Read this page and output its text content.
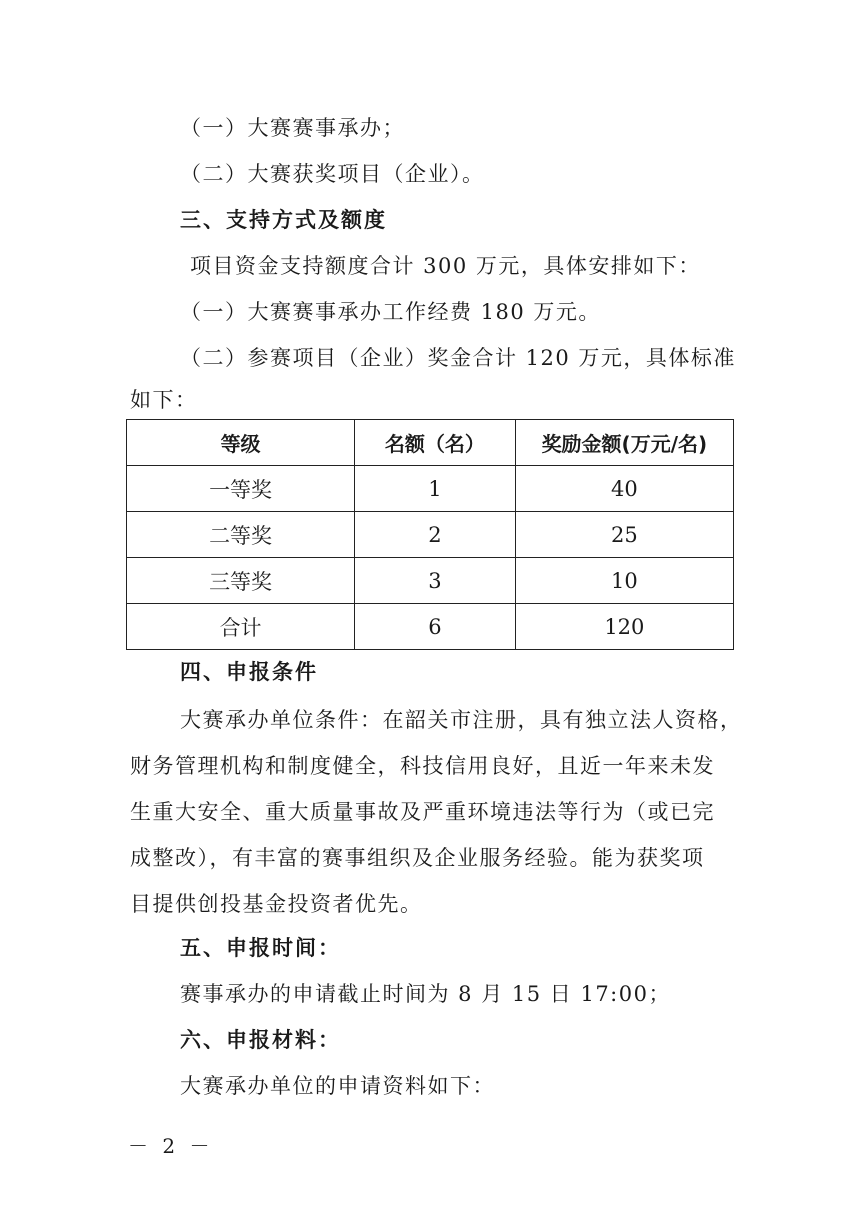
（一）大赛赛事承办；
（二）大赛获奖项目（企业）。
三、支持方式及额度
项目资金支持额度合计 300 万元，具体安排如下：
（一）大赛赛事承办工作经费 180 万元。
（二）参赛项目（企业）奖金合计 120 万元，具体标准
如下：
等级	名额（名）	奖励金额(万元/名)
一等奖	1	40
二等奖	2	25
三等奖	3	10
合计	6	120
四、申报条件
大赛承办单位条件：在韶关市注册，具有独立法人资格，
财务管理机构和制度健全，科技信用良好，且近一年来未发
生重大安全、重大质量事故及严重环境违法等行为（或已完
成整改），有丰富的赛事组织及企业服务经验。能为获奖项
目提供创投基金投资者优先。
五、申报时间：
赛事承办的申请截止时间为 8 月 15 日 17:00；
六、申报材料：
大赛承办单位的申请资料如下：
－ 2 －
